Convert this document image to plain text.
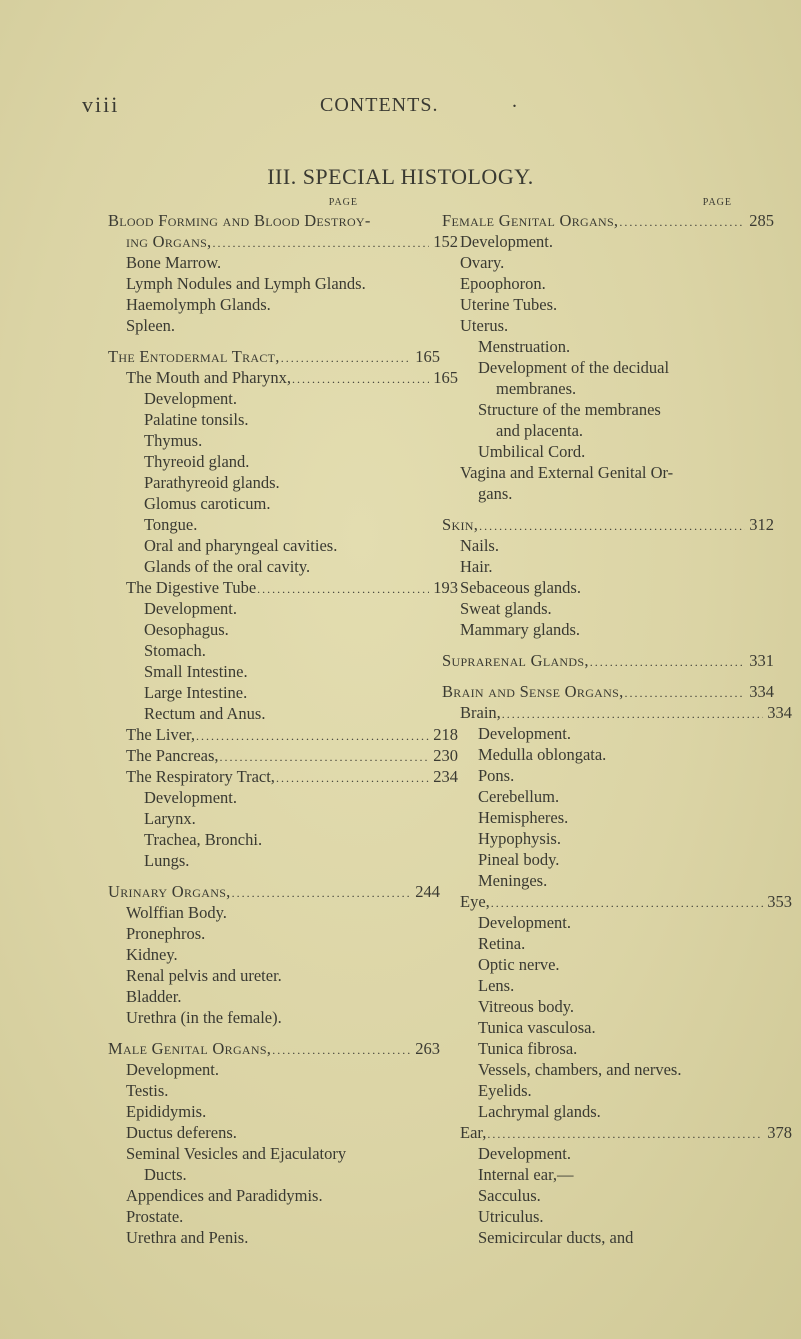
viii	CONTENTS.	.
III. SPECIAL HISTOLOGY.
PAGE
Blood Forming and Blood Destroy-
ing Organs, .....	152
Bone Marrow.
Lymph Nodules and Lymph Glands.
Haemolymph Glands.
Spleen.
The Entodermal Tract, .....	165
The Mouth and Pharynx, .....	165
Development.
Palatine tonsils.
Thymus.
Thyreoid gland.
Parathyreoid glands.
Glomus caroticum.
Tongue.
Oral and pharyngeal cavities.
Glands of the oral cavity.
The Digestive Tube .....	193
Development.
Oesophagus.
Stomach.
Small Intestine.
Large Intestine.
Rectum and Anus.
The Liver, .....	218
The Pancreas, .....	230
The Respiratory Tract, .....	234
Development.
Larynx.
Trachea, Bronchi.
Lungs.
Urinary Organs, .....	244
Wolffian Body.
Pronephros.
Kidney.
Renal pelvis and ureter.
Bladder.
Urethra (in the female).
Male Genital Organs, .....	263
Development.
Testis.
Epididymis.
Ductus deferens.
Seminal Vesicles and Ejaculatory
Ducts.
Appendices and Paradidymis.
Prostate.
Urethra and Penis.
PAGE
Female Genital Organs, .....	285
Development.
Ovary.
Epoophoron.
Uterine Tubes.
Uterus.
Menstruation.
Development of the decidual
membranes.
Structure of the membranes
and placenta.
Umbilical Cord.
Vagina and External Genital Or-
gans.
Skin, .....	312
Nails.
Hair.
Sebaceous glands.
Sweat glands.
Mammary glands.
Suprarenal Glands, .....	331
Brain and Sense Organs, .....	334
Brain, .....	334
Development.
Medulla oblongata.
Pons.
Cerebellum.
Hemispheres.
Hypophysis.
Pineal body.
Meninges.
Eye, .....	353
Development.
Retina.
Optic nerve.
Lens.
Vitreous body.
Tunica vasculosa.
Tunica fibrosa.
Vessels, chambers, and nerves.
Eyelids.
Lachrymal glands.
Ear, .....	378
Development.
Internal ear,—
Sacculus.
Utriculus.
Semicircular ducts, and
